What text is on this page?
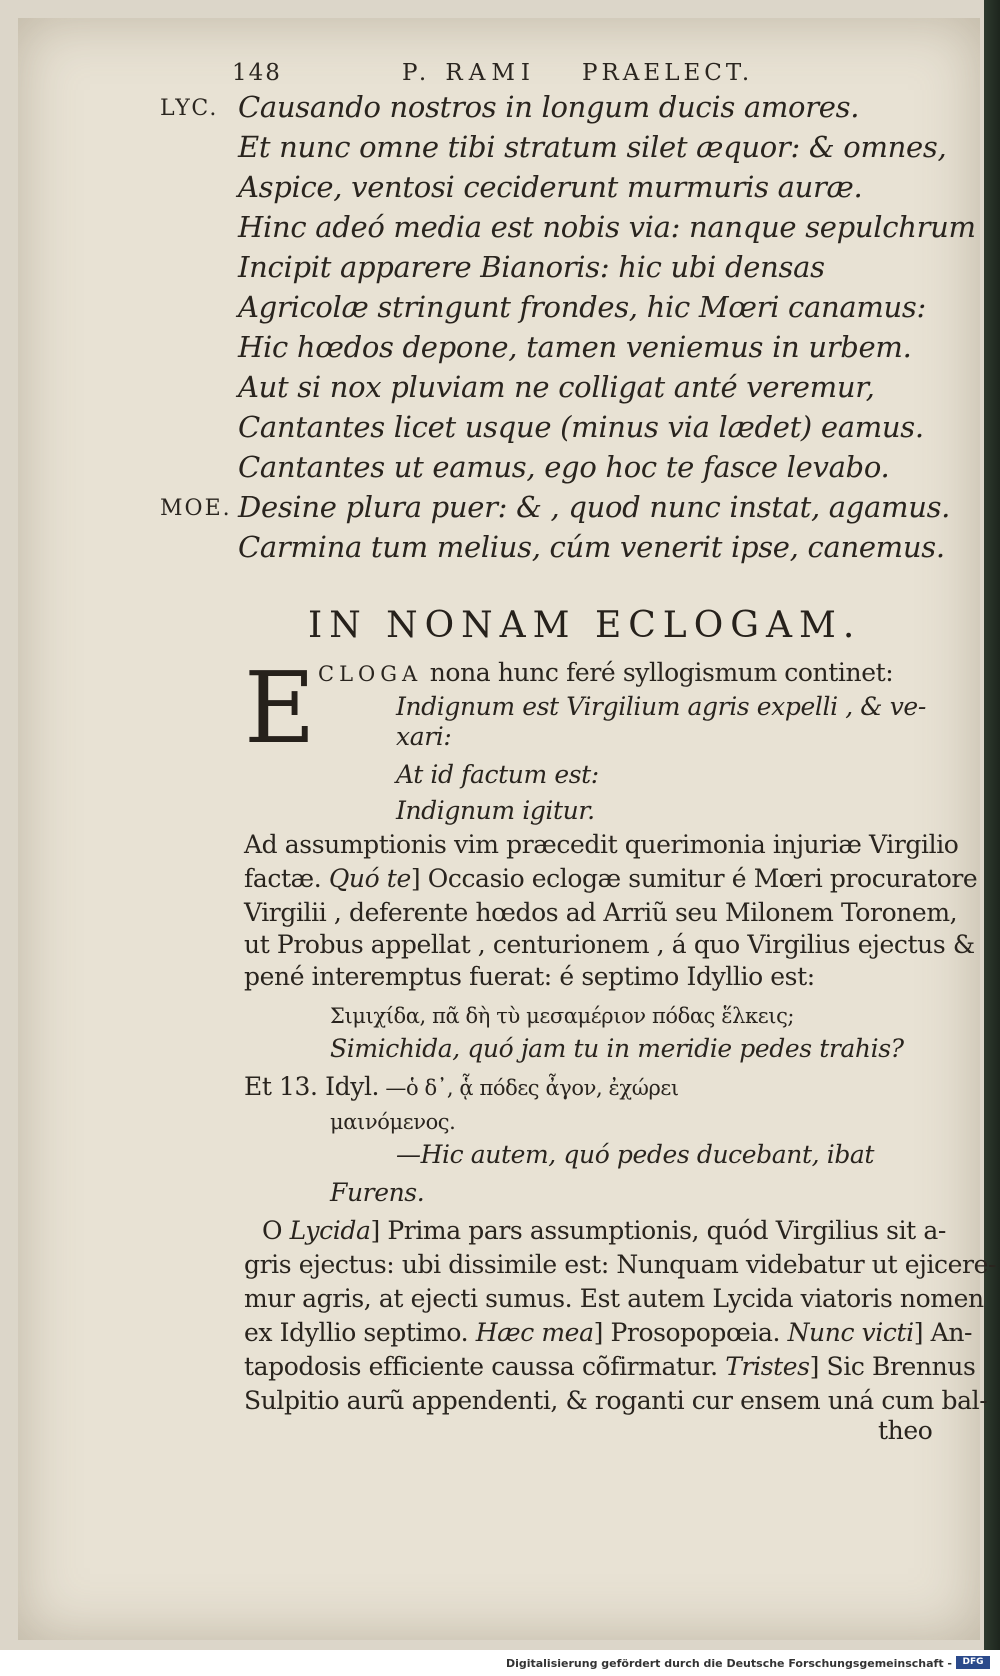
148	P. RAMI PRAELECT.
LYC. Causando nostros in longum ducis amores.
Et nunc omne tibi stratum silet æquor: & omnes,
Aspice, ventosi ceciderunt murmuris auræ.
Hinc adeó media est nobis via: nanque sepulchrum
Incipit apparere Bianoris: hic ubi densas
Agricolæ stringunt frondes, hic Mœri canamus:
Hic hœdos depone, tamen veniemus in urbem.
Aut si nox pluviam ne colligat anté veremur,
Cantantes licet usque (minus via lædet) eamus.
Cantantes ut eamus, ego hoc te fasce levabo.
MOE. Desine plura puer: & , quod nunc instat, agamus.
Carmina tum melius, cúm venerit ipse, canemus.
IN NONAM ECLOGAM.
E CLOGA nona hunc feré syllogismum continet:
Indignum est Virgilium agris expelli , & ve-
xari:
At id factum est:
Indignum igitur.
Ad assumptionis vim præcedit querimonia injuriæ Virgilio
factæ. Quó te] Occasio eclogæ sumitur é Mœri procuratore
Virgilii , deferente hœdos ad Arriũ seu Milonem Toronem,
ut Probus appellat , centurionem , á quo Virgilius ejectus &
pené interemptus fuerat: é septimo Idyllio est:
Σιμιχίδα, πᾶ δὴ τὺ μεσαμέριον πόδας ἕλκεις;
Simichida, quó jam tu in meridie pedes trahis?
Et 13. Idyl. —ὁ δ᾽, ᾇ πόδες ἆγον, ἐχώρει
μαινόμενος.
—Hic autem, quó pedes ducebant, ibat
Furens.
O Lycida] Prima pars assumptionis, quód Virgilius sit a-
gris ejectus: ubi dissimile est: Nunquam videbatur ut ejicere-
mur agris, at ejecti sumus. Est autem Lycida viatoris nomen
ex Idyllio septimo. Hæc mea] Prosopopœia. Nunc victi] An-
tapodosis efficiente caussa cõfirmatur. Tristes] Sic Brennus
Sulpitio aurũ appendenti, & roganti cur ensem uná cum bal-
theo
Digitalisierung gefördert durch die Deutsche Forschungsgemeinschaft -	DFG
